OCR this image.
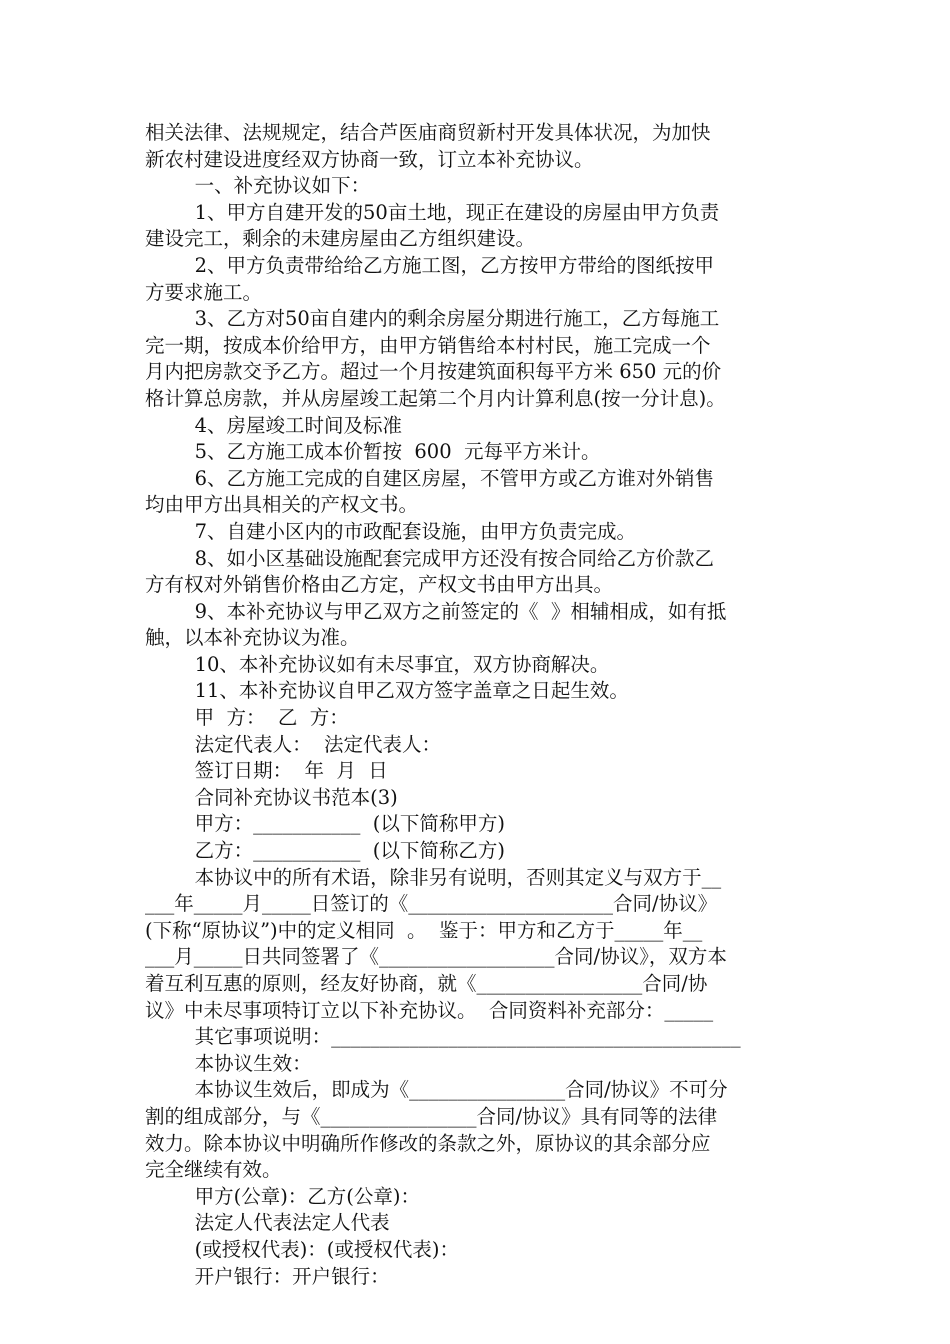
相关法律、法规规定，结合芦医庙商贸新村开发具体状况，为加快
新农村建设进度经双方协商一致，订立本补充协议。
一、补充协议如下：
1、甲方自建开发的50亩土地，现正在建设的房屋由甲方负责
建设完工，剩余的未建房屋由乙方组织建设。
2、甲方负责带给给乙方施工图，乙方按甲方带给的图纸按甲
方要求施工。
3、乙方对50亩自建内的剩余房屋分期进行施工，乙方每施工
完一期，按成本价给甲方，由甲方销售给本村村民，施工完成一个
月内把房款交予乙方。超过一个月按建筑面积每平方米 650 元的价
格计算总房款，并从房屋竣工起第二个月内计算利息(按一分计息)。
4、房屋竣工时间及标准
5、乙方施工成本价暂按  600  元每平方米计。
6、乙方施工完成的自建区房屋，不管甲方或乙方谁对外销售
均由甲方出具相关的产权文书。
7、自建小区内的市政配套设施，由甲方负责完成。
8、如小区基础设施配套完成甲方还没有按合同给乙方价款乙
方有权对外销售价格由乙方定，产权文书由甲方出具。
9、本补充协议与甲乙双方之前签定的《  》相辅相成，如有抵
触，以本补充协议为准。
10、本补充协议如有未尽事宜，双方协商解决。
11、本补充协议自甲乙双方签字盖章之日起生效。
甲  方：  乙  方：
法定代表人：  法定代表人：
签订日期：  年  月  日
合同补充协议书范本(3)
甲方：___________  (以下简称甲方)
乙方：___________  (以下简称乙方)
本协议中的所有术语，除非另有说明，否则其定义与双方于__
___年_____月_____日签订的《_____________________合同/协议》
(下称“原协议”)中的定义相同  。  鉴于：甲方和乙方于_____年__
___月_____日共同签署了《__________________合同/协议》，双方本
着互利互惠的原则，经友好协商，就《_________________合同/协
议》中未尽事项特订立以下补充协议。  合同资料补充部分：_____
其它事项说明：__________________________________________
本协议生效：
本协议生效后，即成为《________________合同/协议》不可分
割的组成部分，与《________________合同/协议》具有同等的法律
效力。除本协议中明确所作修改的条款之外，原协议的其余部分应
完全继续有效。
甲方(公章)：乙方(公章)：
法定人代表法定人代表
(或授权代表)：(或授权代表)：
开户银行：开户银行：
